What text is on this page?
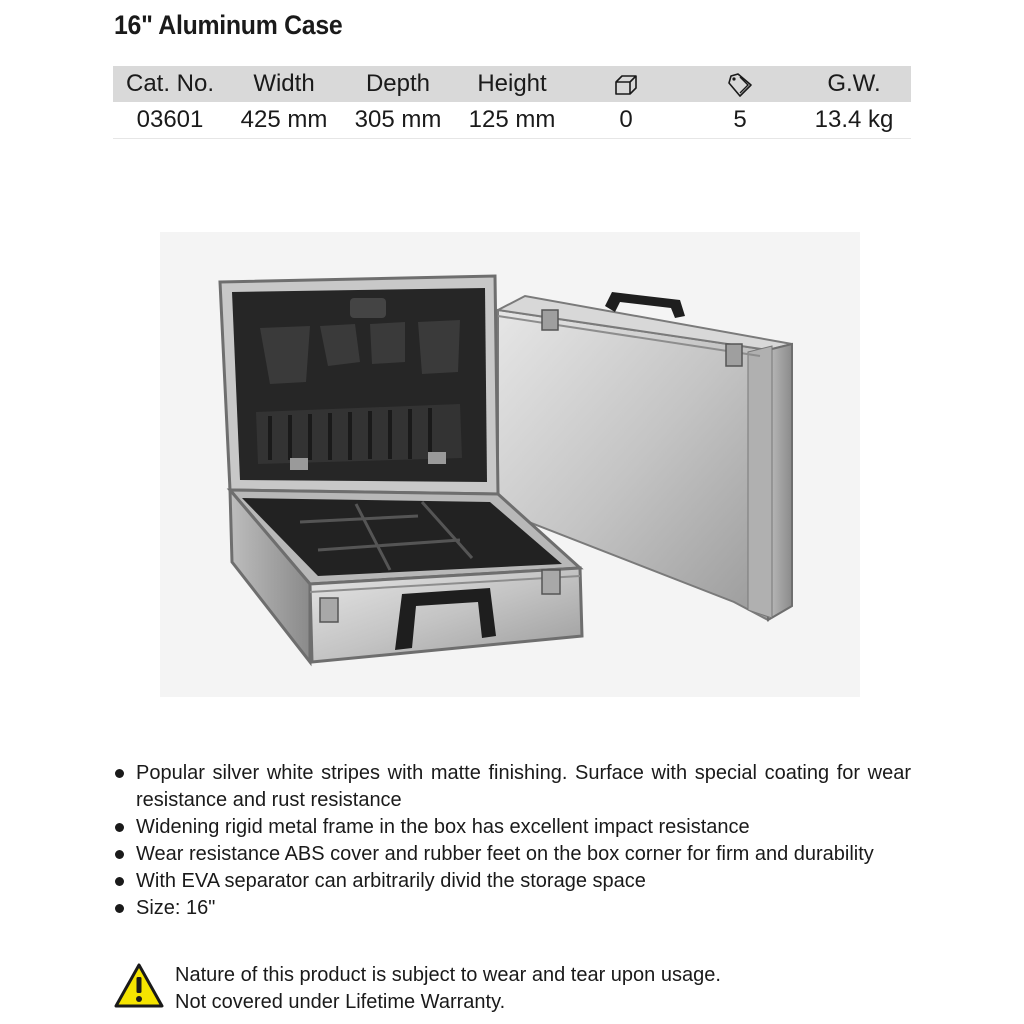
16" Aluminum Case
Cat. No.	Width	Depth	Height			G.W.
03601	425 mm	305 mm	125 mm	0	5	13.4 kg
Popular silver white stripes with matte finishing. Surface with special coating for wear resistance and rust resistance
Widening rigid metal frame in the box has excellent impact resistance
Wear resistance ABS cover and rubber feet on the box corner for firm and durability
With EVA separator can arbitrarily divid the storage space
Size: 16"
Nature of this product is subject to wear and tear upon usage.
Not covered under Lifetime Warranty.
